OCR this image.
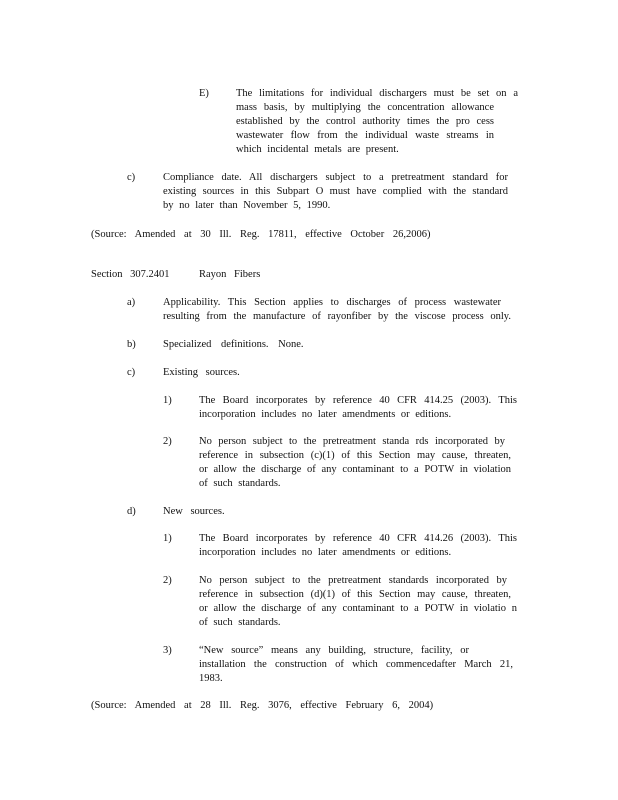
E)	The limitations for individual dischargers must be set on a
mass basis, by multiplying the concentration allowance
established by the control authority times the pro cess
wastewater flow from the individual waste streams in
which incidental metals are present.
c)	Compliance date. All dischargers subject to a pretreatment standard for
existing sources in this Subpart O must have complied with the standard
by no later than November 5, 1990.
(Source: Amended at 30 Ill. Reg. 17811, effective October 26,2006)
Section 307.2401	Rayon Fibers
a)	Applicability. This Section applies to discharges of process wastewater
resulting from the manufacture of rayonfiber by the viscose process only.
b)	Specialized definitions. None.
c)	Existing sources.
1)	The Board incorporates by reference 40 CFR 414.25 (2003). This
incorporation includes no later amendments or editions.
2)	No person subject to the pretreatment standa rds incorporated by
reference in subsection (c)(1) of this Section may cause, threaten,
or allow the discharge of any contaminant to a POTW in violation
of such standards.
d)	New sources.
1)	The Board incorporates by reference 40 CFR 414.26 (2003). This
incorporation includes no later amendments or editions.
2)	No person subject to the pretreatment standards incorporated by
reference in subsection (d)(1) of this Section may cause, threaten,
or allow the discharge of any contaminant to a POTW in violatio n
of such standards.
3)	“New source” means any building, structure, facility, or
installation the construction of which commencedafter March 21,
1983.
(Source: Amended at 28 Ill. Reg. 3076, effective February 6, 2004)
